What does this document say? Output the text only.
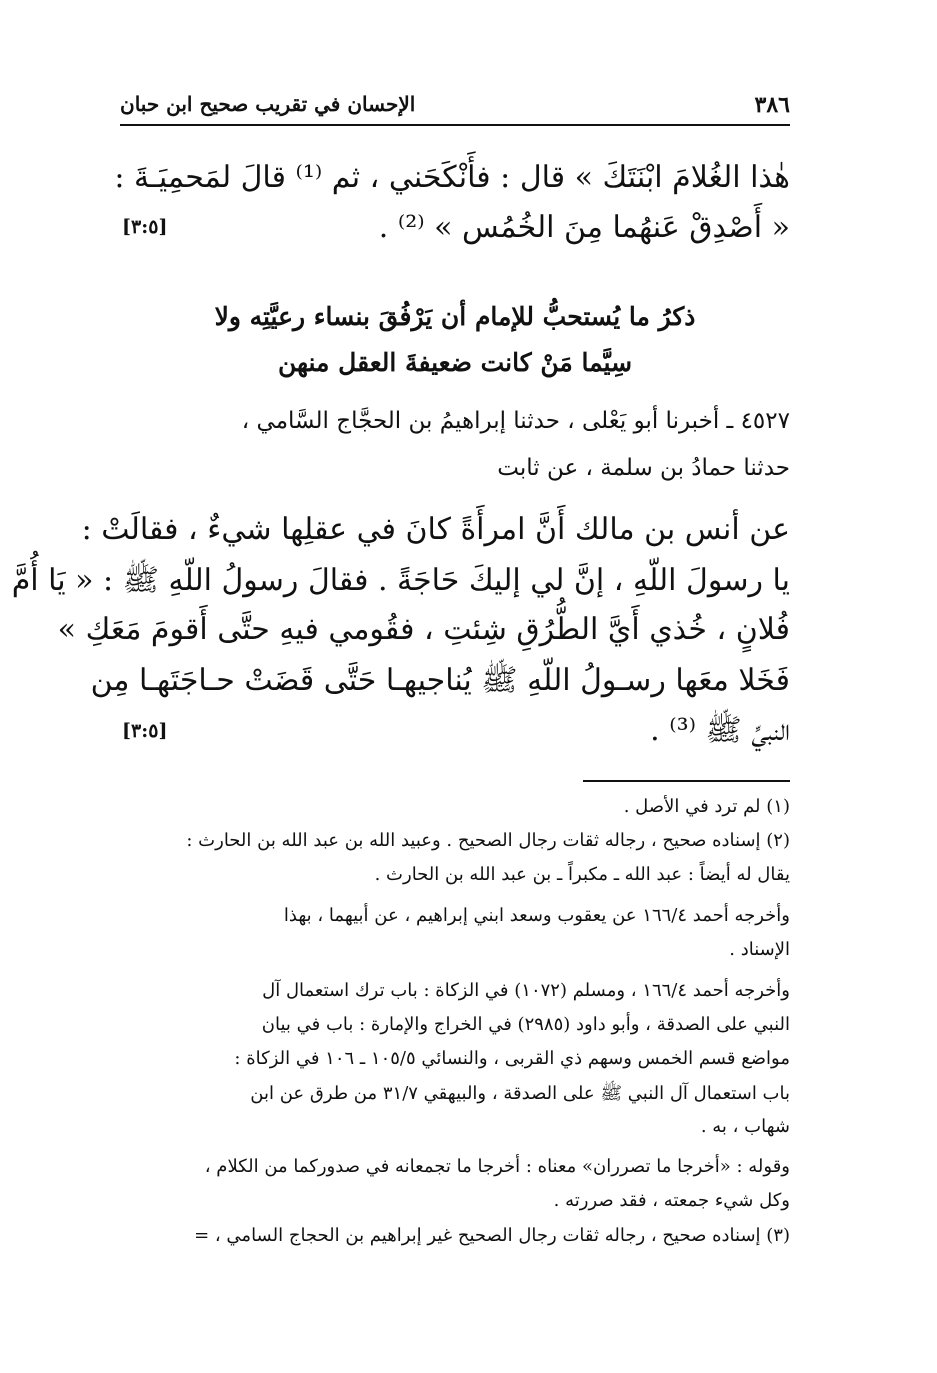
٣٨٦
الإحسان في تقريب صحيح ابن حبان
هٰذا الغُلامَ ابْنَتَكَ » قال : فأَنْكَحَني ، ثم ⁽¹⁾ قالَ لمَحمِيَـةَ :
« أَصْدِقْ عَنهُما مِنَ الخُمُس » ⁽²⁾ .
[٣:٥]
ذكرُ ما يُستحبُّ للإمام أن يَرْفُقَ بنساء رعيَّتِه ولا
سِيَّما مَنْ كانت ضعيفةَ العقل منهن
٤٥٢٧ ـ أخبرنا أبو يَعْلى ، حدثنا إبراهيمُ بن الحجَّاج السَّامي ،
حدثنا حمادُ بن سلمة ، عن ثابت
عن أنس بن مالك أَنَّ امرأَةً كانَ في عقلِها شيءٌ ، فقالَتْ :
يا رسولَ اللّهِ ، إنَّ لي إليكَ حَاجَةً . فقالَ رسولُ اللّهِ ﷺ : « يَا أُمَّ
فُلانٍ ، خُذي أَيَّ الطُّرُقِ شِئتِ ، فقُومي فيهِ حتَّى أَقومَ مَعَكِ »
فَخَلا معَها رسـولُ اللّهِ ﷺ يُناجيهـا حَتَّى قَضَتْ حـاجَتَهـا مِن
النبيِّ ﷺ ⁽³⁾ .
[٣:٥]
(١) لم ترد في الأصل .
(٢) إسناده صحيح ، رجاله ثقات رجال الصحيح . وعبيد الله بن عبد الله بن الحارث :
يقال له أيضاً : عبد الله ـ مكبراً ـ بن عبد الله بن الحارث .
وأخرجه أحمد ١٦٦/٤ عن يعقوب وسعد ابني إبراهيم ، عن أبيهما ، بهذا
الإسناد .
وأخرجه أحمد ١٦٦/٤ ، ومسلم (١٠٧٢) في الزكاة : باب ترك استعمال آل
النبي على الصدقة ، وأبو داود (٢٩٨٥) في الخراج والإمارة : باب في بيان
مواضع قسم الخمس وسهم ذي القربى ، والنسائي ١٠٥/٥ ـ ١٠٦ في الزكاة :
باب استعمال آل النبي ﷺ على الصدقة ، والبيهقي ٣١/٧ من طرق عن ابن
شهاب ، به .
وقوله : «أخرجا ما تصرران» معناه : أخرجا ما تجمعانه في صدوركما من الكلام ،
وكل شيء جمعته ، فقد صررته .
(٣) إسناده صحيح ، رجاله ثقات رجال الصحيح غير إبراهيم بن الحجاج السامي ، =
